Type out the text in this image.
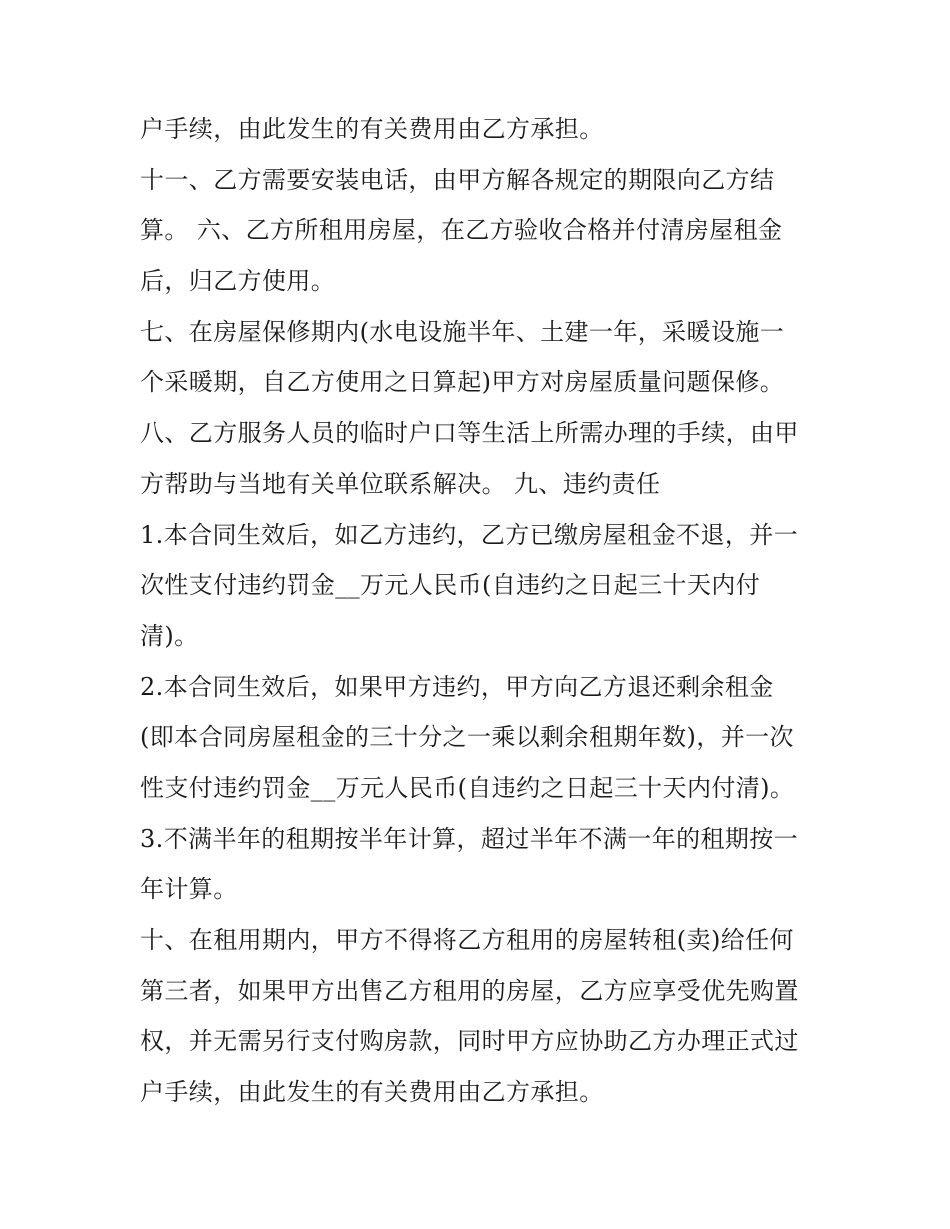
户手续，由此发生的有关费用由乙方承担。
十一、乙方需要安装电话，由甲方解各规定的期限向乙方结
算。 六、乙方所租用房屋，在乙方验收合格并付清房屋租金
后，归乙方使用。
七、在房屋保修期内(水电设施半年、土建一年，采暖设施一
个采暖期，自乙方使用之日算起)甲方对房屋质量问题保修。
八、乙方服务人员的临时户口等生活上所需办理的手续，由甲
方帮助与当地有关单位联系解决。 九、违约责任
1.本合同生效后，如乙方违约，乙方已缴房屋租金不退，并一
次性支付违约罚金__万元人民币(自违约之日起三十天内付
清)。
2.本合同生效后，如果甲方违约，甲方向乙方退还剩余租金
(即本合同房屋租金的三十分之一乘以剩余租期年数)，并一次
性支付违约罚金__万元人民币(自违约之日起三十天内付清)。
3.不满半年的租期按半年计算，超过半年不满一年的租期按一
年计算。
十、在租用期内，甲方不得将乙方租用的房屋转租(卖)给任何
第三者，如果甲方出售乙方租用的房屋，乙方应享受优先购置
权，并无需另行支付购房款，同时甲方应协助乙方办理正式过
户手续，由此发生的有关费用由乙方承担。
